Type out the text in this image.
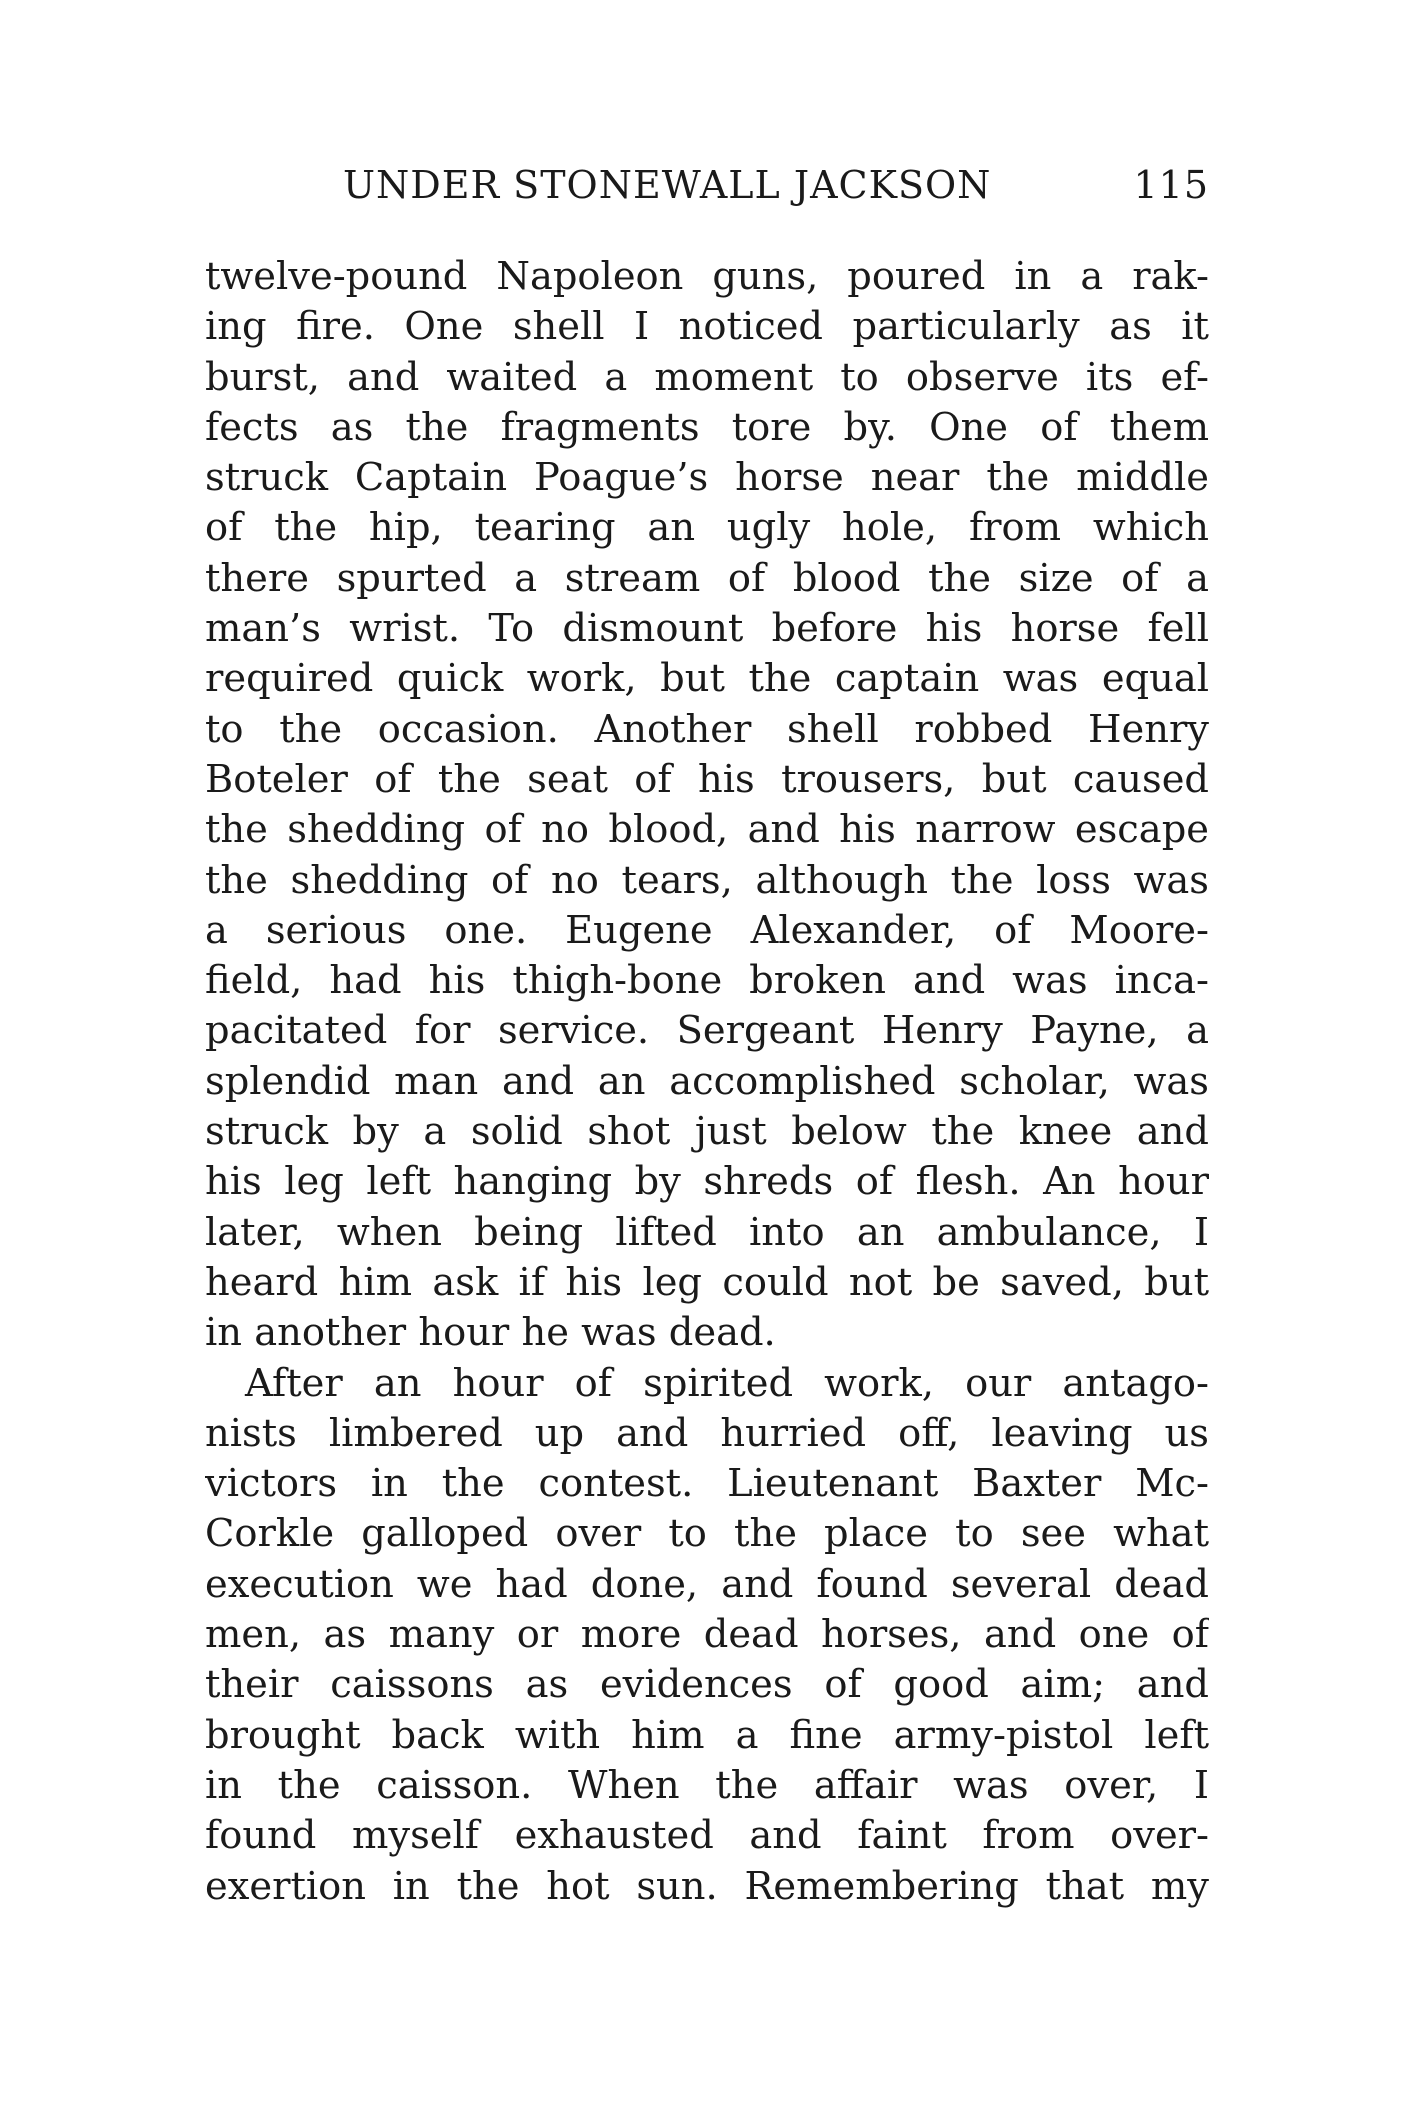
UNDER STONEWALL JACKSON	115
twelve-pound Napoleon guns, poured in a rak-
ing fire. One shell I noticed particularly as it
burst, and waited a moment to observe its ef-
fects as the fragments tore by. One of them
struck Captain Poague’s horse near the middle
of the hip, tearing an ugly hole, from which
there spurted a stream of blood the size of a
man’s wrist. To dismount before his horse fell
required quick work, but the captain was equal
to the occasion. Another shell robbed Henry
Boteler of the seat of his trousers, but caused
the shedding of no blood, and his narrow escape
the shedding of no tears, although the loss was
a serious one. Eugene Alexander, of Moore-
field, had his thigh-bone broken and was inca-
pacitated for service. Sergeant Henry Payne, a
splendid man and an accomplished scholar, was
struck by a solid shot just below the knee and
his leg left hanging by shreds of flesh. An hour
later, when being lifted into an ambulance, I
heard him ask if his leg could not be saved, but
in another hour he was dead.
After an hour of spirited work, our antago-
nists limbered up and hurried off, leaving us
victors in the contest. Lieutenant Baxter Mc-
Corkle galloped over to the place to see what
execution we had done, and found several dead
men, as many or more dead horses, and one of
their caissons as evidences of good aim; and
brought back with him a fine army-pistol left
in the caisson. When the affair was over, I
found myself exhausted and faint from over-
exertion in the hot sun. Remembering that my
